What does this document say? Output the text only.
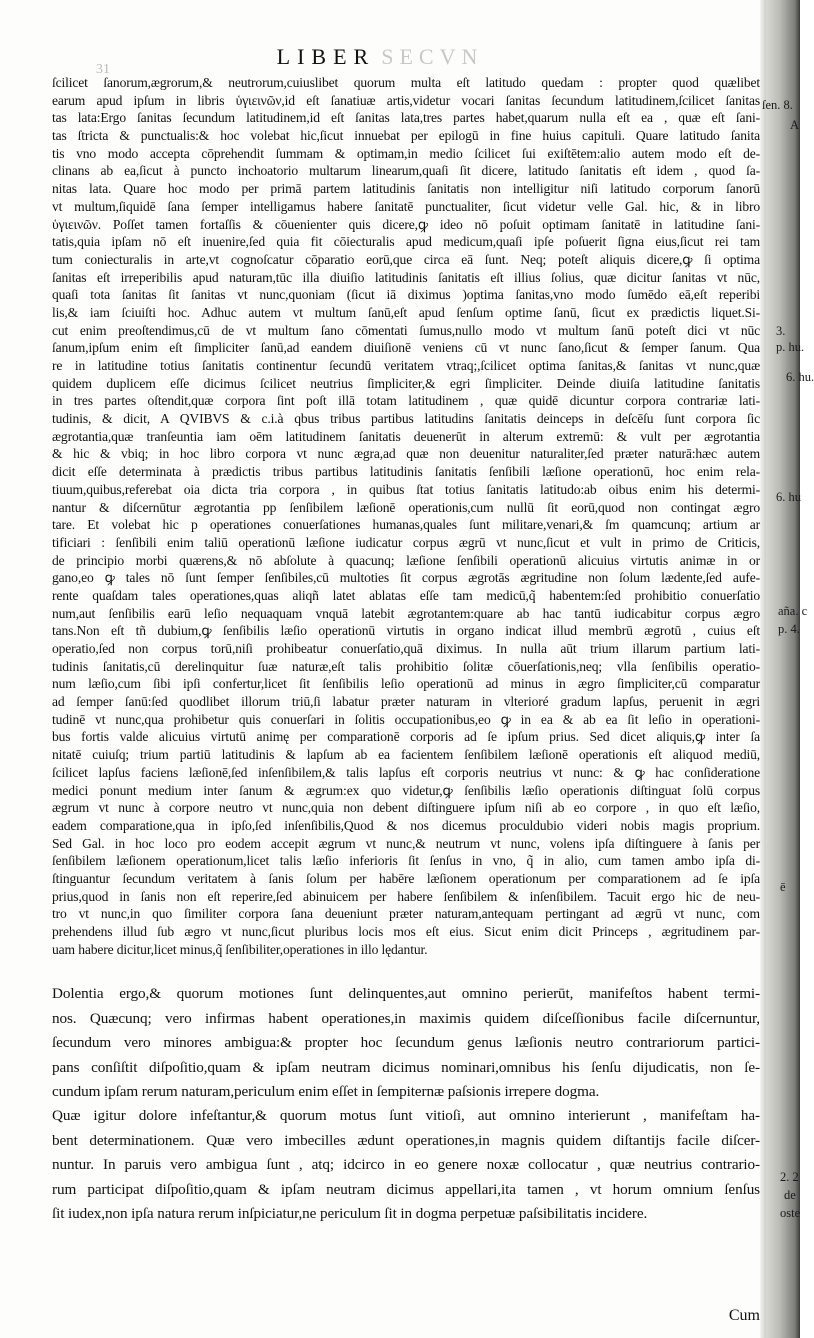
LIBER SECVN
31
ſcilicet ſanorum,ægrorum,& neutrorum,cuiuslibet quorum multa eſt latitudo quedam : propter quod quælibet
earum apud ipſum in libris ὑγιεινῶν,id eſt ſanatiuæ artis,videtur vocari ſanitas ſecundum latitudinem,ſcilicet ſanitas
tas lata:Ergo ſanitas ſecundum latitudinem,id eſt ſanitas lata,tres partes habet,quarum nulla eſt ea , quæ eſt ſani-
tas ſtricta & punctualis:& hoc volebat hic,ſicut innuebat per epilogū in fine huius capituli. Quare latitudo ſanita
tis vno modo accepta cōprehendit ſummam & optimam,in medio ſcilicet ſui exiſtētem:alio autem modo eſt de-
clinans ab ea,ſicut à puncto inchoatorio multarum linearum,quaſi ſit dicere, latitudo ſanitatis eſt idem , quod ſa-
nitas lata. Quare hoc modo per primā partem latitudinis ſanitatis non intelligitur niſi latitudo corporum ſanorū
vt multum,ſiquidē ſana ſemper intelligamus habere ſanitatē punctualiter, ſicut videtur velle Gal. hic, & in libro
ὑγιεινῶν. Poſſet tamen fortaſſis & cōuenienter quis dicere,ꝙ ideo nō poſuit optimam ſanitatē in latitudine ſani-
tatis,quia ipſam nō eſt inuenire,ſed quia fit cōiecturalis apud medicum,quaſi ipſe poſuerit ſigna eius,ſicut rei tam
tum coniecturalis in arte,vt cognoſcatur cōparatio eorū,que circa eā ſunt. Neq; poteſt aliquis dicere,ꝙ ſi optima
ſanitas eſt irreperibilis apud naturam,tūc illa diuiſio latitudinis ſanitatis eſt illius ſolius, quæ dicitur ſanitas vt nūc,
quaſi tota ſanitas ſit ſanitas vt nunc,quoniam (ſicut iā diximus )optima ſanitas,vno modo ſumēdo eā,eſt reperibi
lis,& iam ſciuiſti hoc. Adhuc autem vt multum ſanū,eſt apud ſenſum optime ſanū, ſicut ex prædictis liquet.Si-
cut enim preoſtendimus,cū de vt multum ſano cōmentati ſumus,nullo modo vt multum ſanū poteſt dici vt nūc
ſanum,ipſum enim eſt ſimpliciter ſanū,ad eandem diuiſionē veniens cū vt nunc ſano,ſicut & ſemper ſanum. Qua
re in latitudine totius ſanitatis continentur ſecundū veritatem vtraq;,ſcilicet optima ſanitas,& ſanitas vt nunc,quæ
quidem duplicem eſſe dicimus ſcilicet neutrius ſimpliciter,& egri ſimpliciter. Deinde diuiſa latitudine ſanitatis
in tres partes oſtendit,quæ corpora ſint poſt illā totam latitudinem , quæ quidē dicuntur corpora contrariæ lati-
tudinis, & dicit, A QVIBVS & c.i.à qbus tribus partibus latitudins ſanitatis deinceps in deſcēſu ſunt corpora ſic
ægrotantia,quæ tranſeuntia iam oēm latitudinem ſanitatis deuenerūt in alterum extremū: & vult per ægrotantia
& hic & vbiq; in hoc libro corpora vt nunc ægra,ad quæ non deuenitur naturaliter,ſed præter naturā:hæc autem
dicit eſſe determinata à prædictis tribus partibus latitudinis ſanitatis ſenſibili læſione operationū, hoc enim rela-
tiuum,quibus,referebat oia dicta tria corpora , in quibus ſtat totius ſanitatis latitudo:ab oibus enim his determi-
nantur & diſcernūtur ægrotantia pp ſenſibilem læſionē operationis,cum nullū ſit eorū,quod non contingat ægro
tare. Et volebat hic p operationes conuerſationes humanas,quales ſunt militare,venari,& ſm quamcunq; artium ar
tificiari : ſenſibili enim taliū operationū læſione iudicatur corpus ægrū vt nunc,ſicut et vult in primo de Criticis,
de principio morbi quærens,& nō abſolute à quacunq; læſione ſenſibili operationū alicuius virtutis animæ in or
gano,eo ꝙ tales nō ſunt ſemper ſenſibiles,cū multoties ſit corpus ægrotās ægritudine non ſolum lædente,ſed aufe-
rente quaſdam tales operationes,quas aliqñ latet ablatas eſſe tam medicū,q̃ habentem:ſed prohibitio conuerſatio
num,aut ſenſibilis earū leſio nequaquam vnquā latebit ægrotantem:quare ab hac tantū iudicabitur corpus ægro
tans.Non eſt tñ dubium,ꝙ ſenſibilis læſio operationū virtutis in organo indicat illud membrū ægrotū , cuius eſt
operatio,ſed non corpus torū,niſi prohibeatur conuerſatio,quā diximus. In nulla aūt trium illarum partium lati-
tudinis ſanitatis,cū derelinquitur ſuæ naturæ,eſt talis prohibitio ſolitæ cōuerſationis,neq; vlla ſenſibilis operatio-
num læſio,cum ſibi ipſi confertur,licet ſit ſenſibilis leſio operationū ad minus in ægro ſimpliciter,cū comparatur
ad ſemper ſanū:ſed quodlibet illorum triū,ſi labatur præter naturam in vlterioré gradum lapſus, peruenit in ægri
tudinē vt nunc,qua prohibetur quis conuerſari in ſolitis occupationibus,eo ꝙ in ea & ab ea ſit leſio in operationi-
bus fortis valde alicuius virtutū animę per comparationē corporis ad ſe ipſum prius. Sed dicet aliquis,ꝙ inter ſa
nitatē cuiuſq; trium partiū latitudinis & lapſum ab ea facientem ſenſibilem læſionē operationis eſt aliquod mediū,
ſcilicet lapſus faciens læſionē,ſed inſenſibilem,& talis lapſus eſt corporis neutrius vt nunc: & ꝙ hac conſideratione
medici ponunt medium inter ſanum & ægrum:ex quo videtur,ꝙ ſenſibilis læſio operationis diſtinguat ſolū corpus
ægrum vt nunc à corpore neutro vt nunc,quia non debent diſtinguere ipſum niſi ab eo corpore , in quo eſt læſio,
eadem comparatione,qua in ipſo,ſed inſenſibilis,Quod & nos dicemus proculdubio videri nobis magis proprium.
Sed Gal. in hoc loco pro eodem accepit ægrum vt nunc,& neutrum vt nunc, volens ipſa diſtinguere à ſanis per
ſenſibilem læſionem operationum,licet talis læſio inferioris ſit ſenſus in vno, q̃ in alio, cum tamen ambo ipſa di-
ſtinguantur ſecundum veritatem à ſanis ſolum per habēre læſionem operationum per comparationem ad ſe ipſa
prius,quod in ſanis non eſt reperire,ſed abinuicem per habere ſenſibilem & inſenſibilem. Tacuit ergo hic de neu-
tro vt nunc,in quo ſimiliter corpora ſana deueniunt præter naturam,antequam pertingant ad ægrū vt nunc, com
prehendens illud ſub ægro vt nunc,ſicut pluribus locis mos eſt eius. Sicut enim dicit Princeps , ægritudinem par-
uam habere dicitur,licet minus,q̃ ſenſibiliter,operationes in illo lędantur.
Dolentia ergo,& quorum motiones ſunt delinquentes,aut omnino perierūt, manifeſtos habent termi-
nos. Quæcunq; vero infirmas habent operationes,in maximis quidem diſceſſionibus facile diſcernuntur,
ſecundum vero minores ambigua:& propter hoc ſecundum genus læſionis neutro contrariorum partici-
pans conſiſtit diſpoſitio,quam & ipſam neutram dicimus nominari,omnibus his ſenſu dijudicatis, non ſe-
cundum ipſam rerum naturam,periculum enim eſſet in ſempiternæ paſsionis irrepere dogma.
Quæ igitur dolore infeſtantur,& quorum motus ſunt vitioſi, aut omnino interierunt , manifeſtam ha-
bent determinationem. Quæ vero imbecilles ædunt operationes,in magnis quidem diſtantijs facile diſcer-
nuntur. In paruis vero ambigua ſunt , atq; idcirco in eo genere noxæ collocatur , quæ neutrius contrario-
rum participat diſpoſitio,quam & ipſam neutram dicimus appellari,ita tamen , vt horum omnium ſenſus
ſit iudex,non ipſa natura rerum inſpiciatur,ne periculum ſit in dogma perpetuæ paſsibilitatis incidere.
Cum
ſen. 8.
A
3.
p. hu.
6. hu.
6. hu
aña. c
p. 4.
ē
2. 2
de
oste
